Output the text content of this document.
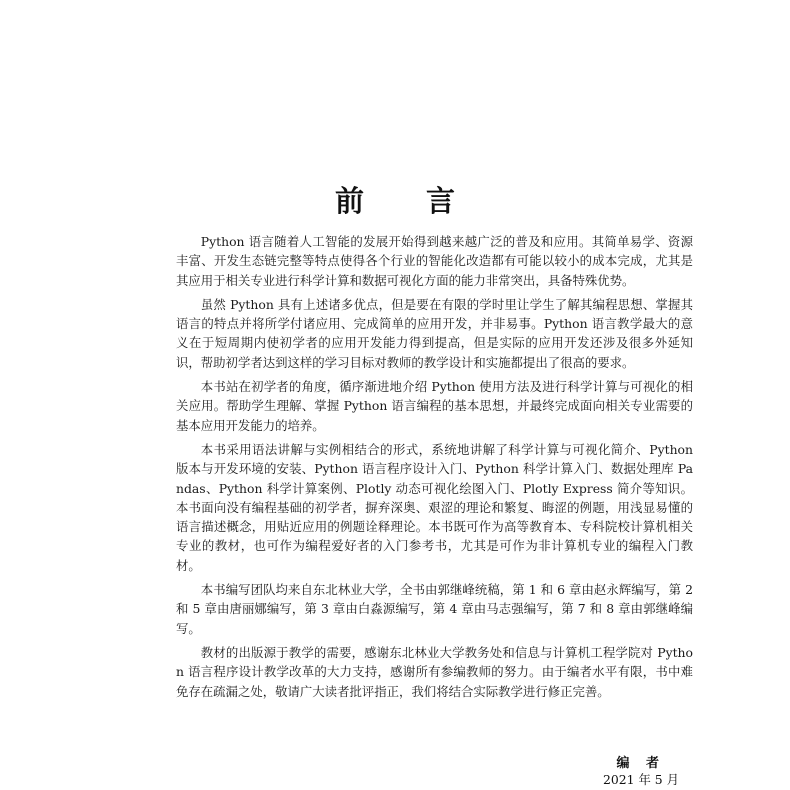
前 言

Python 语言随着人工智能的发展开始得到越来越广泛的普及和应用。其简单易学、资源丰富、开发生态链完整等特点使得各个行业的智能化改造都有可能以较小的成本完成，尤其是其应用于相关专业进行科学计算和数据可视化方面的能力非常突出，具备特殊优势。

虽然 Python 具有上述诸多优点，但是要在有限的学时里让学生了解其编程思想、掌握其语言的特点并将所学付诸应用、完成简单的应用开发，并非易事。Python 语言教学最大的意义在于短周期内使初学者的应用开发能力得到提高，但是实际的应用开发还涉及很多外延知识，帮助初学者达到这样的学习目标对教师的教学设计和实施都提出了很高的要求。

本书站在初学者的角度，循序渐进地介绍 Python 使用方法及进行科学计算与可视化的相关应用。帮助学生理解、掌握 Python 语言编程的基本思想，并最终完成面向相关专业需要的基本应用开发能力的培养。

本书采用语法讲解与实例相结合的形式，系统地讲解了科学计算与可视化简介、Python 版本与开发环境的安装、Python 语言程序设计入门、Python 科学计算入门、数据处理库 Pandas、Python 科学计算案例、Plotly 动态可视化绘图入门、Plotly Express 简介等知识。本书面向没有编程基础的初学者，摒弃深奥、艰涩的理论和繁复、晦涩的例题，用浅显易懂的语言描述概念，用贴近应用的例题诠释理论。本书既可作为高等教育本、专科院校计算机相关专业的教材，也可作为编程爱好者的入门参考书，尤其是可作为非计算机专业的编程入门教材。

本书编写团队均来自东北林业大学，全书由郭继峰统稿，第 1 和 6 章由赵永辉编写，第 2 和 5 章由唐丽娜编写，第 3 章由白淼源编写，第 4 章由马志强编写，第 7 和 8 章由郭继峰编写。

教材的出版源于教学的需要，感谢东北林业大学教务处和信息与计算机工程学院对 Python 语言程序设计教学改革的大力支持，感谢所有参编教师的努力。由于编者水平有限，书中难免存在疏漏之处，敬请广大读者批评指正，我们将结合实际教学进行修正完善。

编 者
2021 年 5 月
